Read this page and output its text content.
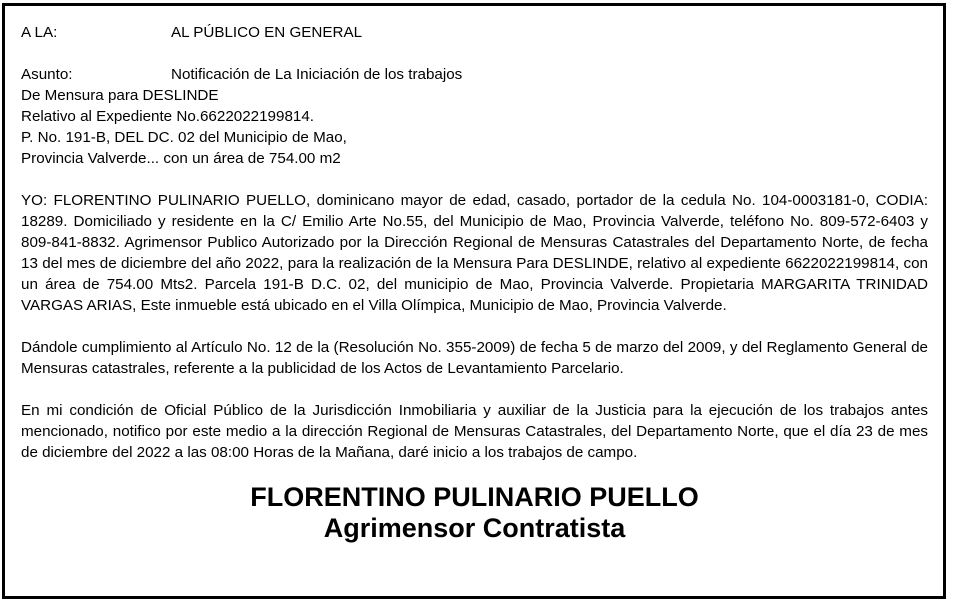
A LA:	AL PÚBLICO EN GENERAL
Asunto:	Notificación de La Iniciación de los trabajos
De Mensura para DESLINDE
Relativo al Expediente No.6622022199814.
P. No. 191-B, DEL DC. 02 del Municipio de Mao,
Provincia Valverde... con un área de 754.00 m2

YO: FLORENTINO PULINARIO PUELLO, dominicano mayor de edad, casado, portador de la cedula No. 104-0003181-0, CODIA: 18289. Domiciliado y residente en la C/ Emilio Arte No.55, del Municipio de Mao, Provincia Valverde, teléfono No. 809-572-6403 y 809-841-8832. Agrimensor Publico Autorizado por la Dirección Regional de Mensuras Catastrales del Departamento Norte, de fecha 13 del mes de diciembre del año 2022, para la realización de la Mensura Para DESLINDE, relativo al expediente 6622022199814, con un área de 754.00 Mts2. Parcela 191-B D.C. 02, del municipio de Mao, Provincia Valverde. Propietaria MARGARITA TRINIDAD VARGAS ARIAS, Este inmueble está ubicado en el Villa Olímpica, Municipio de Mao, Provincia Valverde.

Dándole cumplimiento al Artículo No. 12 de la (Resolución No. 355-2009) de fecha 5 de marzo del 2009, y del Reglamento General de Mensuras catastrales, referente a la publicidad de los Actos de Levantamiento Parcelario.

En mi condición de Oficial Público de la Jurisdicción Inmobiliaria y auxiliar de la Justicia para la ejecución de los trabajos antes mencionado, notifico por este medio a la dirección Regional de Mensuras Catastrales, del Departamento Norte, que el día 23 de mes de diciembre del 2022 a las 08:00 Horas de la Mañana, daré inicio a los trabajos de campo.

FLORENTINO PULINARIO PUELLO
Agrimensor Contratista
